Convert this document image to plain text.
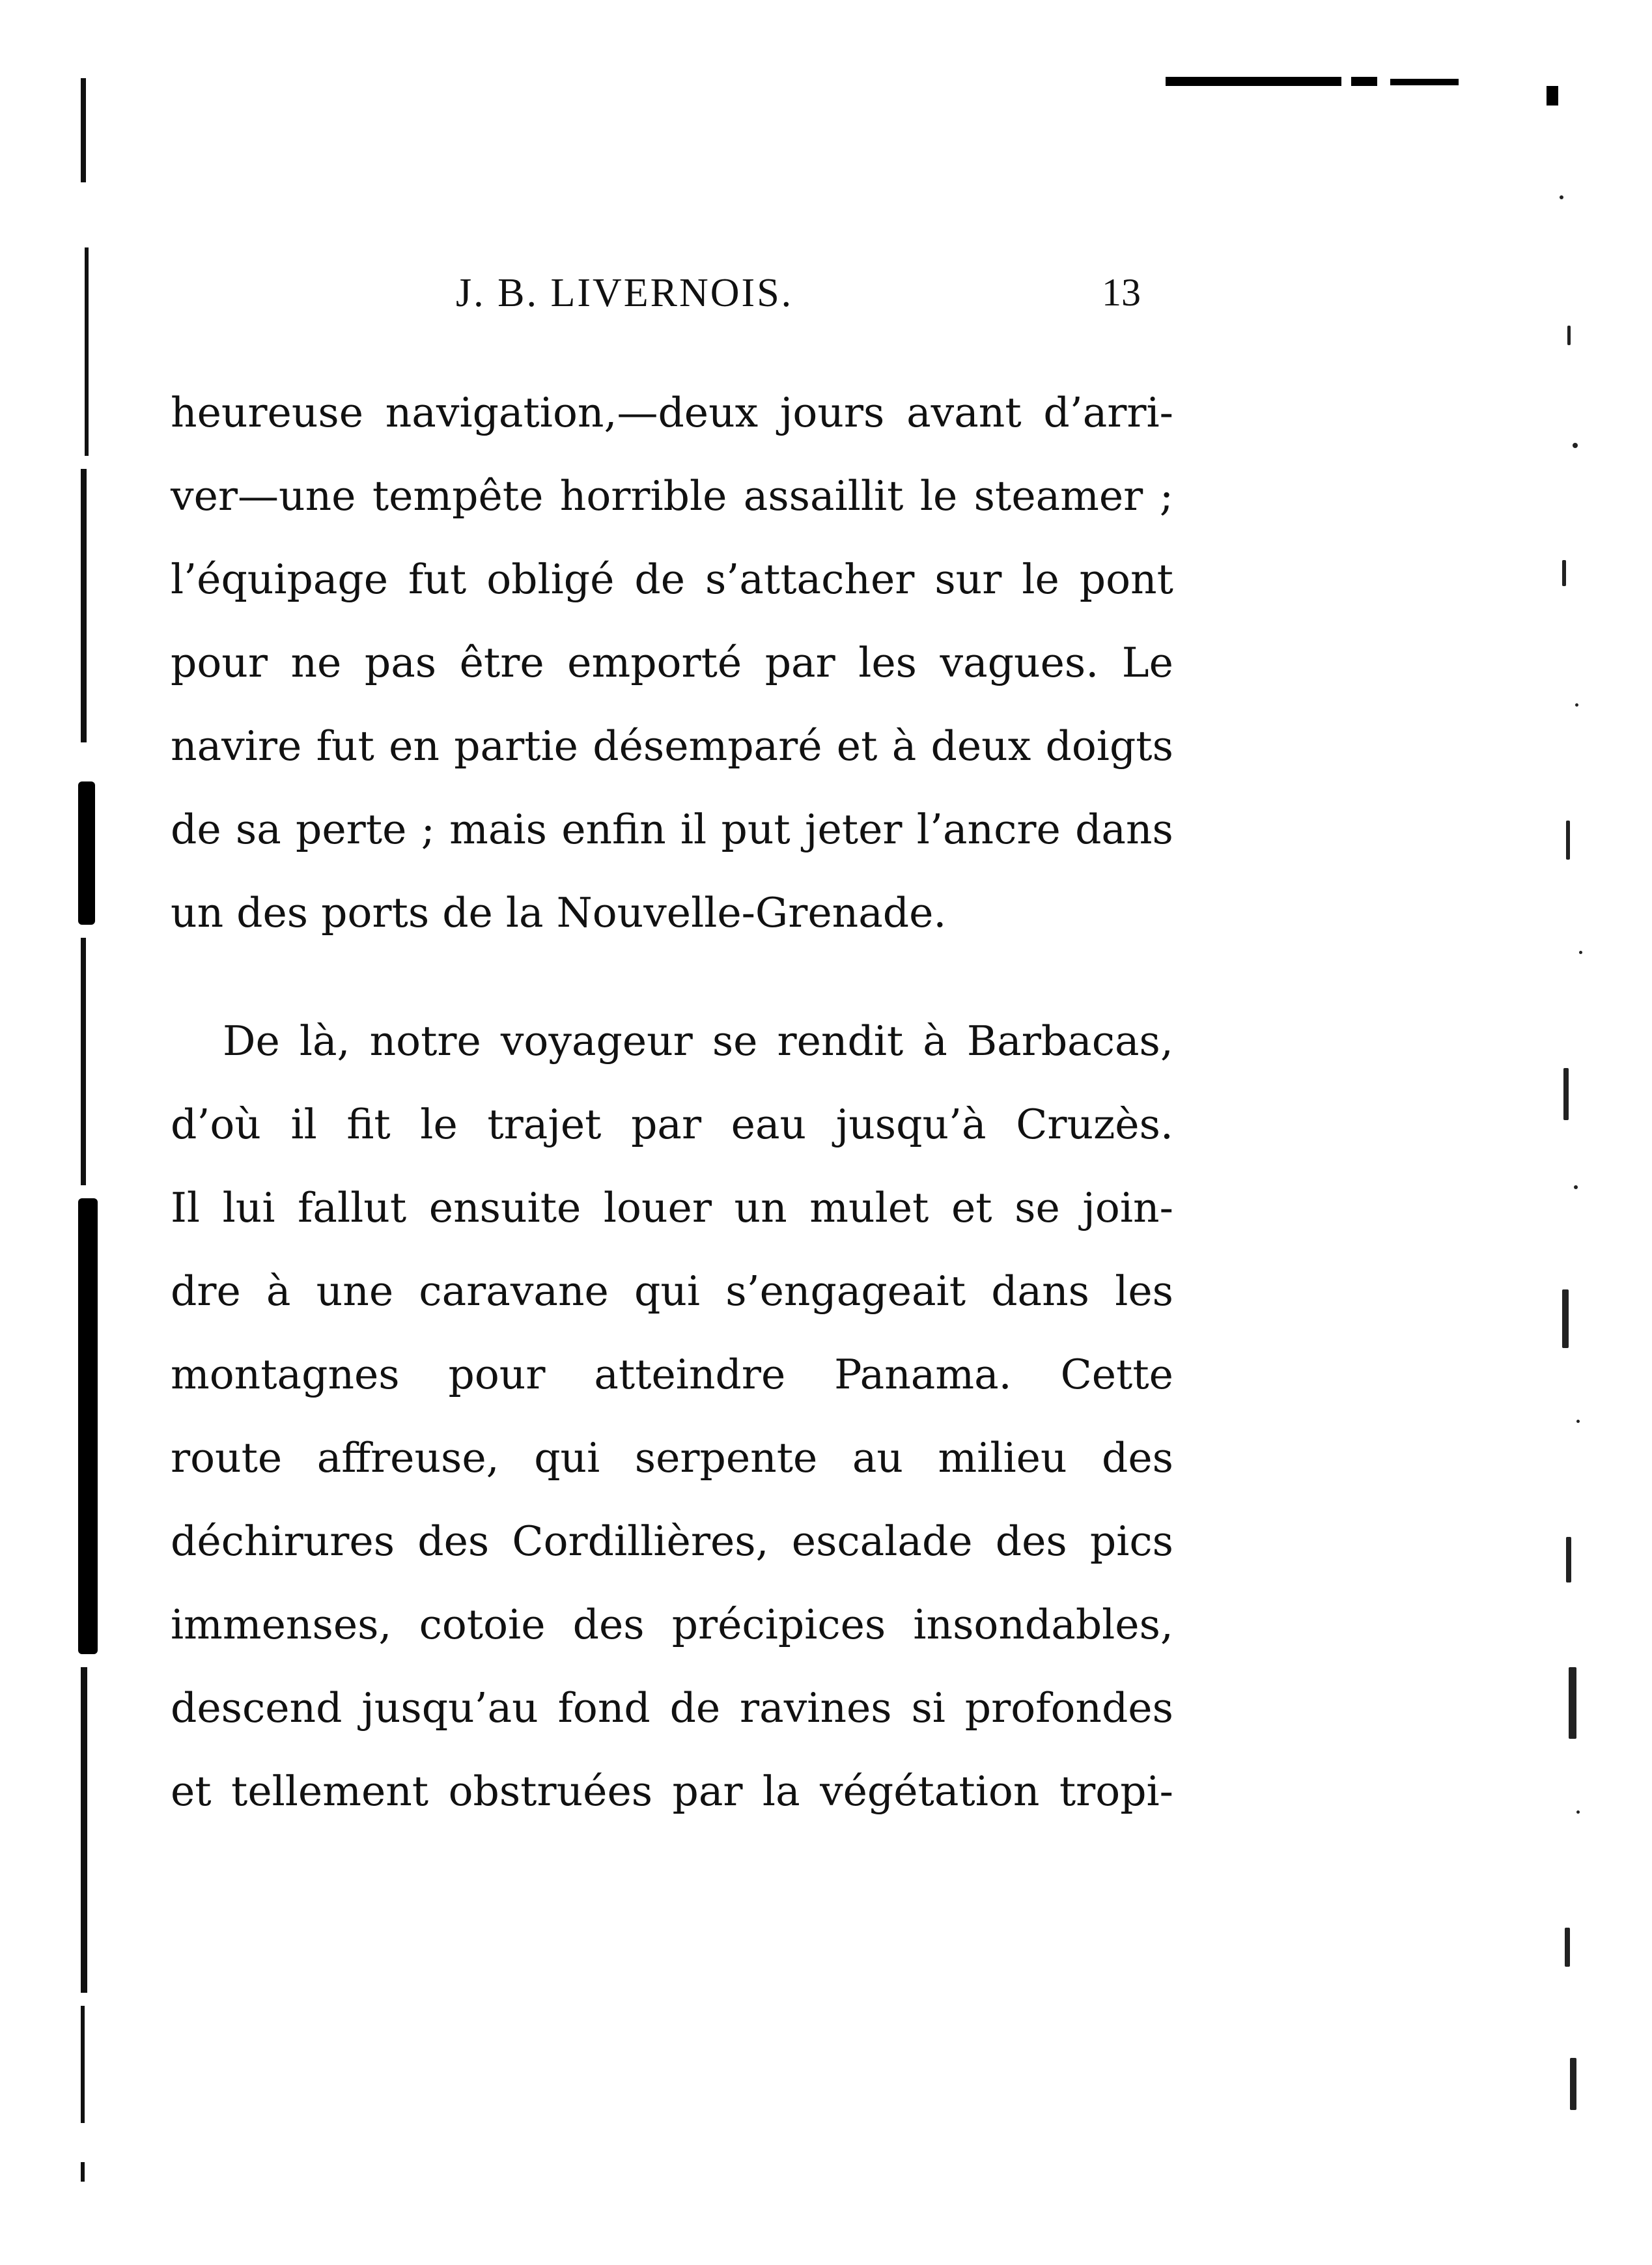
J. B. LIVERNOIS.	13
heureuse navigation,—deux jours avant d’arri-
ver—une tempête horrible assaillit le steamer ;
l’équipage fut obligé de s’attacher sur le pont
pour ne pas être emporté par les vagues. Le
navire fut en partie désemparé et à deux doigts
de sa perte ; mais enfin il put jeter l’ancre dans
un des ports de la Nouvelle-Grenade.
De là, notre voyageur se rendit à Barbacas,
d’où il fit le trajet par eau jusqu’à Cruzès.
Il lui fallut ensuite louer un mulet et se join-
dre à une caravane qui s’engageait dans les
montagnes pour atteindre Panama. Cette
route affreuse, qui serpente au milieu des
déchirures des Cordillières, escalade des pics
immenses, cotoie des précipices insondables,
descend jusqu’au fond de ravines si profondes
et tellement obstruées par la végétation tropi-
